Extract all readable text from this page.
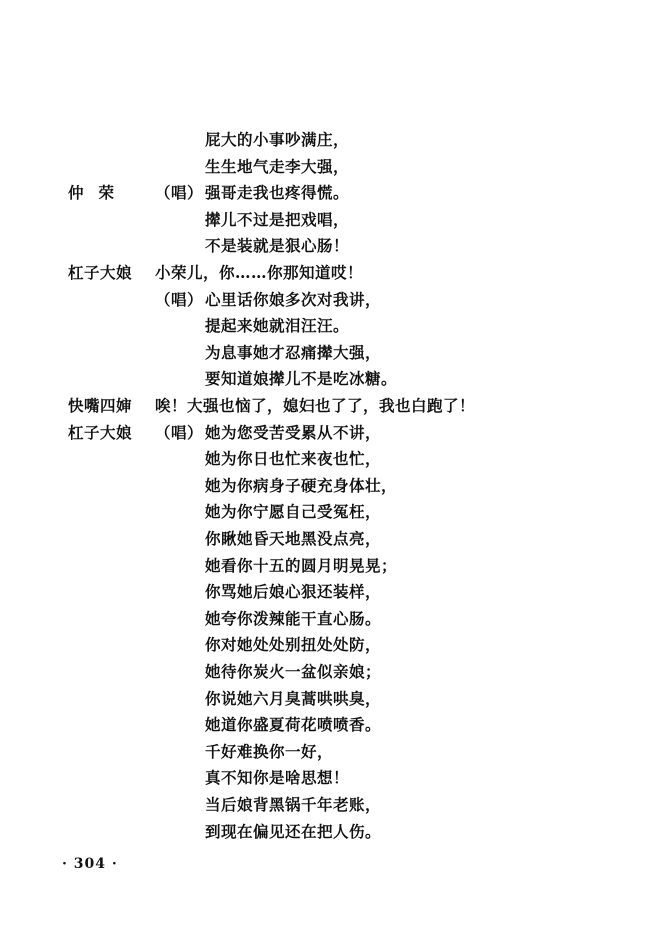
屁大的小事吵满庄，
生生地气走李大强，
仲荣 （唱） 强哥走我也疼得慌。
撵儿不过是把戏唱，
不是装就是狠心肠！
杠子大娘 小荣儿，你……你那知道哎！
（唱） 心里话你娘多次对我讲，
提起来她就泪汪汪。
为息事她才忍痛撵大强，
要知道娘撵儿不是吃冰糖。
快嘴四婶 唉！大强也恼了，媳妇也了了，我也白跑了！
杠子大娘 （唱） 她为您受苦受累从不讲，
她为你日也忙来夜也忙，
她为你病身子硬充身体壮，
她为你宁愿自己受冤枉，
你瞅她昏天地黑没点亮，
她看你十五的圆月明晃晃；
你骂她后娘心狠还装样，
她夸你泼辣能干直心肠。
你对她处处别扭处处防，
她待你炭火一盆似亲娘；
你说她六月臭蒿哄哄臭，
她道你盛夏荷花喷喷香。
千好难换你一好，
真不知你是啥思想！
当后娘背黑锅千年老账，
到现在偏见还在把人伤。
· 304 ·
